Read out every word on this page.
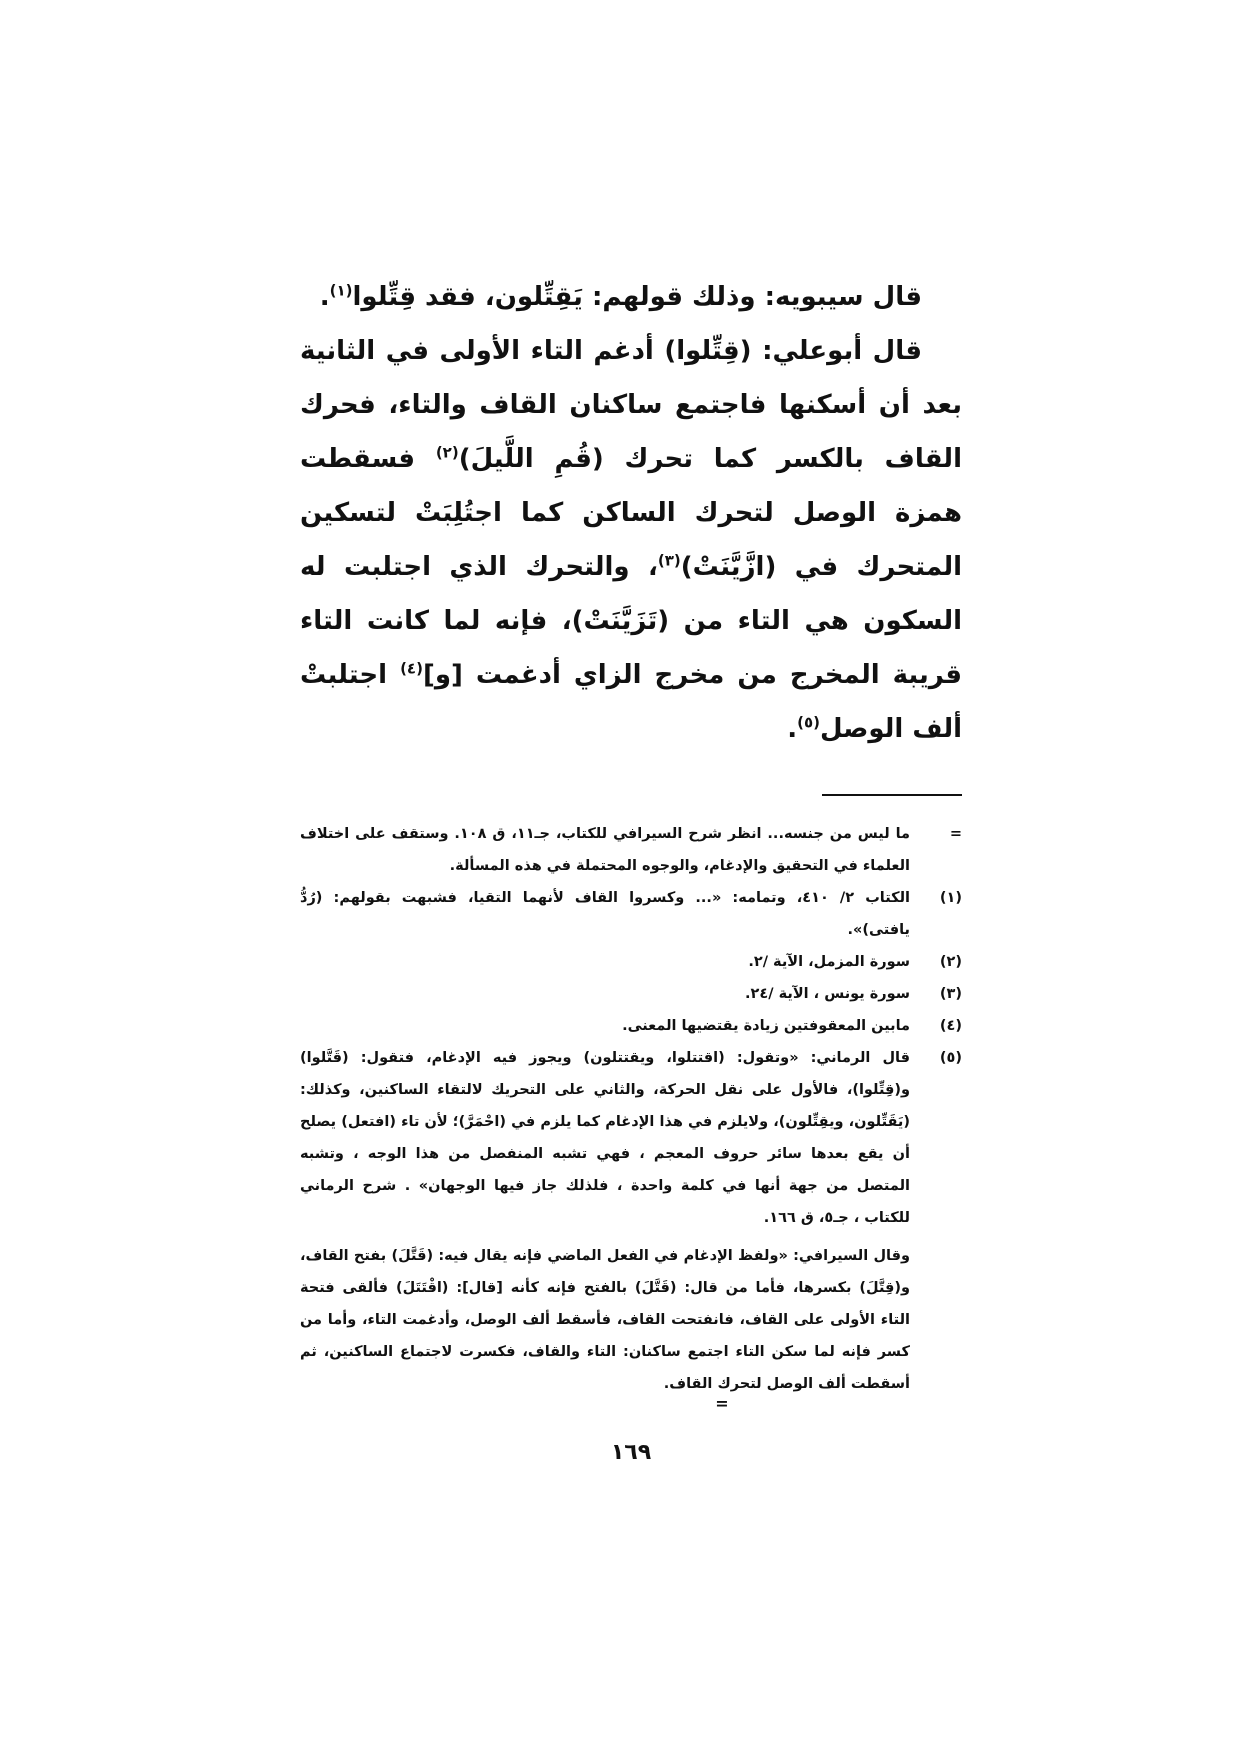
قال سيبويه: وذلك قولهم: يَقِتِّلون، فقد قِتِّلوا$^{(١)}$.

قال أبوعلي: (قِتِّلوا) أدغم التاء الأولى في الثانية بعد أن أسكنها فاجتمع ساكنان القاف والتاء، فحرك القاف بالكسر كما تحرك (قُمِ اللَّيلَ)$^{(٢)}$ فسقطت همزة الوصل لتحرك الساكن كما اجتُلِبَتْ لتسكين المتحرك في (ازَّيَّنَتْ)$^{(٣)}$، والتحرك الذي اجتلبت له السكون هي التاء من (تَزَيَّنَتْ)، فإنه لما كانت التاء قريبة المخرج من مخرج الزاي أدغمت [و]$^{(٤)}$ اجتلبتْ ألف الوصل$^{(٥)}$.

=
ما ليس من جنسه... انظر شرح السيرافي للكتاب، جـ١١، ق ١٠٨. وستقف على اختلاف العلماء في التحقيق والإدغام، والوجوه المحتملة في هذه المسألة.
(١)
الكتاب ٢/ ٤١٠، وتمامه: «... وكسروا القاف لأنهما التقيا، فشبهت بقولهم: (رُدُّ يافتى)».
(٢)
سورة المزمل، الآية /٢.
(٣)
سورة يونس ، الآية /٢٤.
(٤)
مابين المعقوفتين زيادة يقتضيها المعنى.
(٥)
قال الرماني: «وتقول: (اقتتلوا، ويقتتلون) ويجوز فيه الإدغام، فتقول: (قَتَّلوا) و(قِتِّلوا)، فالأول على نقل الحركة، والثاني على التحريك لالتقاء الساكنين، وكذلك: (يَقَتِّلون، ويقِتِّلون)، ولايلزم في هذا الإدغام كما يلزم في (احْمَرَّ)؛ لأن تاء (افتعل) يصلح أن يقع بعدها سائر حروف المعجم ، فهي تشبه المنفصل من هذا الوجه ، وتشبه المتصل من جهة أنها في كلمة واحدة ، فلذلك جاز فيها الوجهان» . شرح الرماني للكتاب ، جـ٥، ق ١٦٦.
وقال السيرافي: «ولفظ الإدغام في الفعل الماضي فإنه يقال فيه: (قَتَّلَ) بفتح القاف، و(قِتَّلَ) بكسرها، فأما من قال: (قَتَّلَ) بالفتح فإنه كأنه [قال]: (اقْتَتَلَ) فألقى فتحة التاء الأولى على القاف، فانفتحت القاف، فأسقط ألف الوصل، وأدغمت التاء، وأما من كسر فإنه لما سكن التاء اجتمع ساكنان: التاء والقاف، فكسرت لاجتماع الساكنين، ثم أسقطت ألف الوصل لتحرك القاف.
=
١٦٩
